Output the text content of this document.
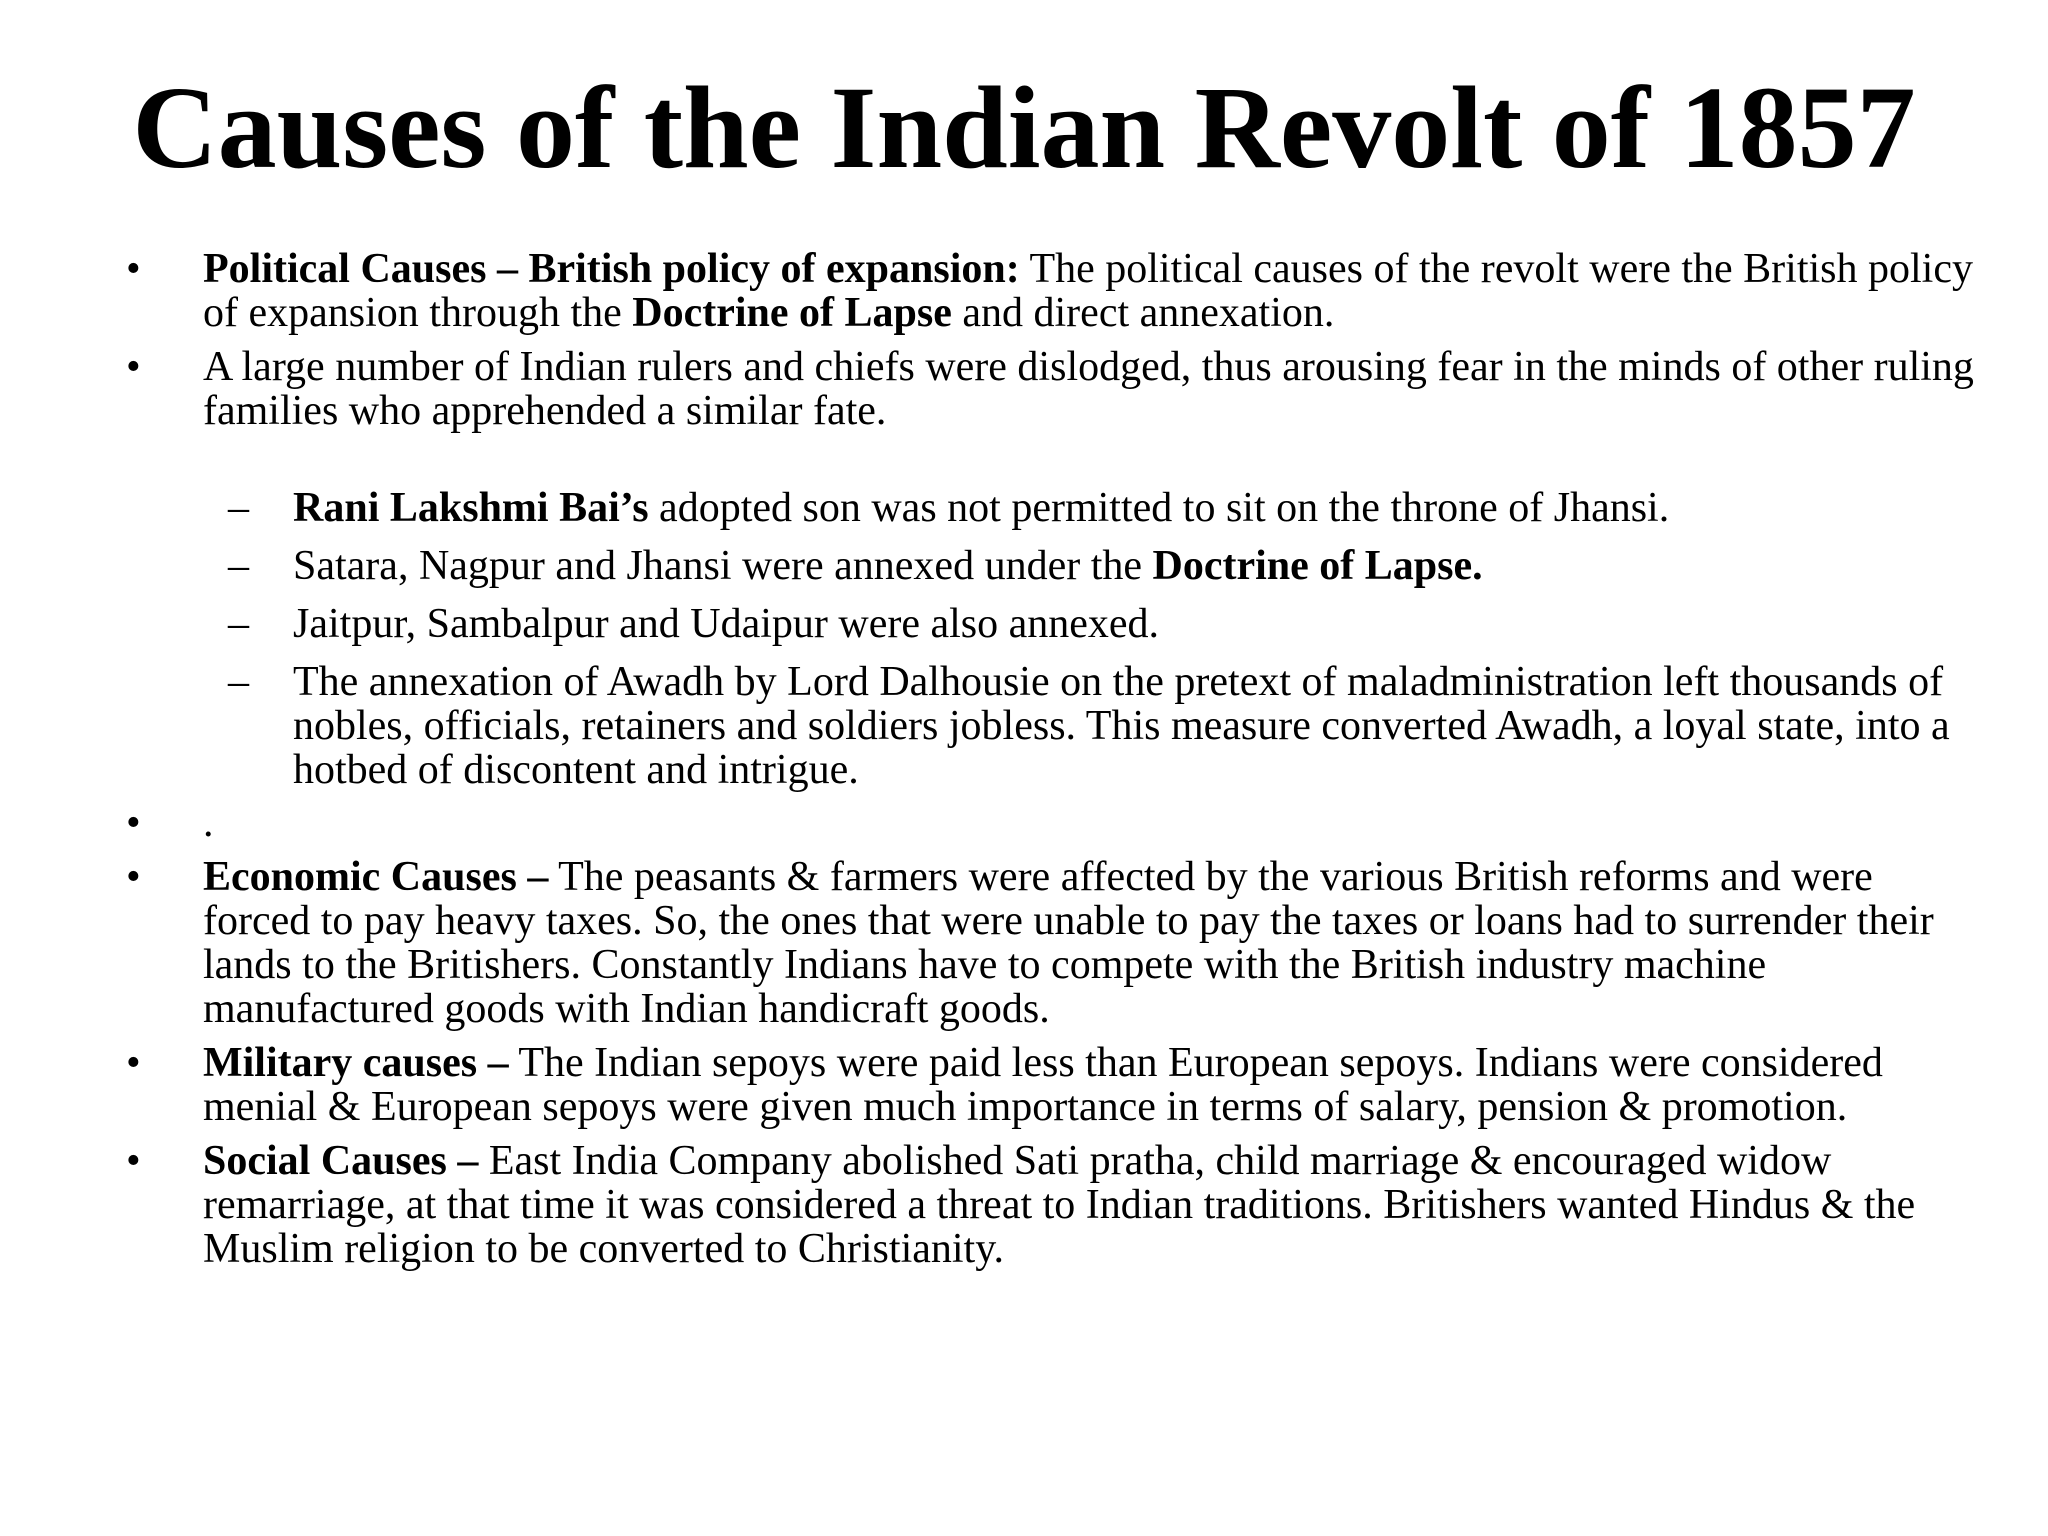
Causes of the Indian Revolt of 1857
• Political Causes – British policy of expansion: The political causes of the revolt were the British policy of expansion through the Doctrine of Lapse and direct annexation.
• A large number of Indian rulers and chiefs were dislodged, thus arousing fear in the minds of other ruling families who apprehended a similar fate.
– Rani Lakshmi Bai’s adopted son was not permitted to sit on the throne of Jhansi.
– Satara, Nagpur and Jhansi were annexed under the Doctrine of Lapse.
– Jaitpur, Sambalpur and Udaipur were also annexed.
– The annexation of Awadh by Lord Dalhousie on the pretext of maladministration left thousands of nobles, officials, retainers and soldiers jobless. This measure converted Awadh, a loyal state, into a hotbed of discontent and intrigue.
• .
• Economic Causes – The peasants & farmers were affected by the various British reforms and were forced to pay heavy taxes. So, the ones that were unable to pay the taxes or loans had to surrender their lands to the Britishers. Constantly Indians have to compete with the British industry machine manufactured goods with Indian handicraft goods.
• Military causes – The Indian sepoys were paid less than European sepoys. Indians were considered menial & European sepoys were given much importance in terms of salary, pension & promotion.
• Social Causes – East India Company abolished Sati pratha, child marriage & encouraged widow remarriage, at that time it was considered a threat to Indian traditions. Britishers wanted Hindus & the Muslim religion to be converted to Christianity.
